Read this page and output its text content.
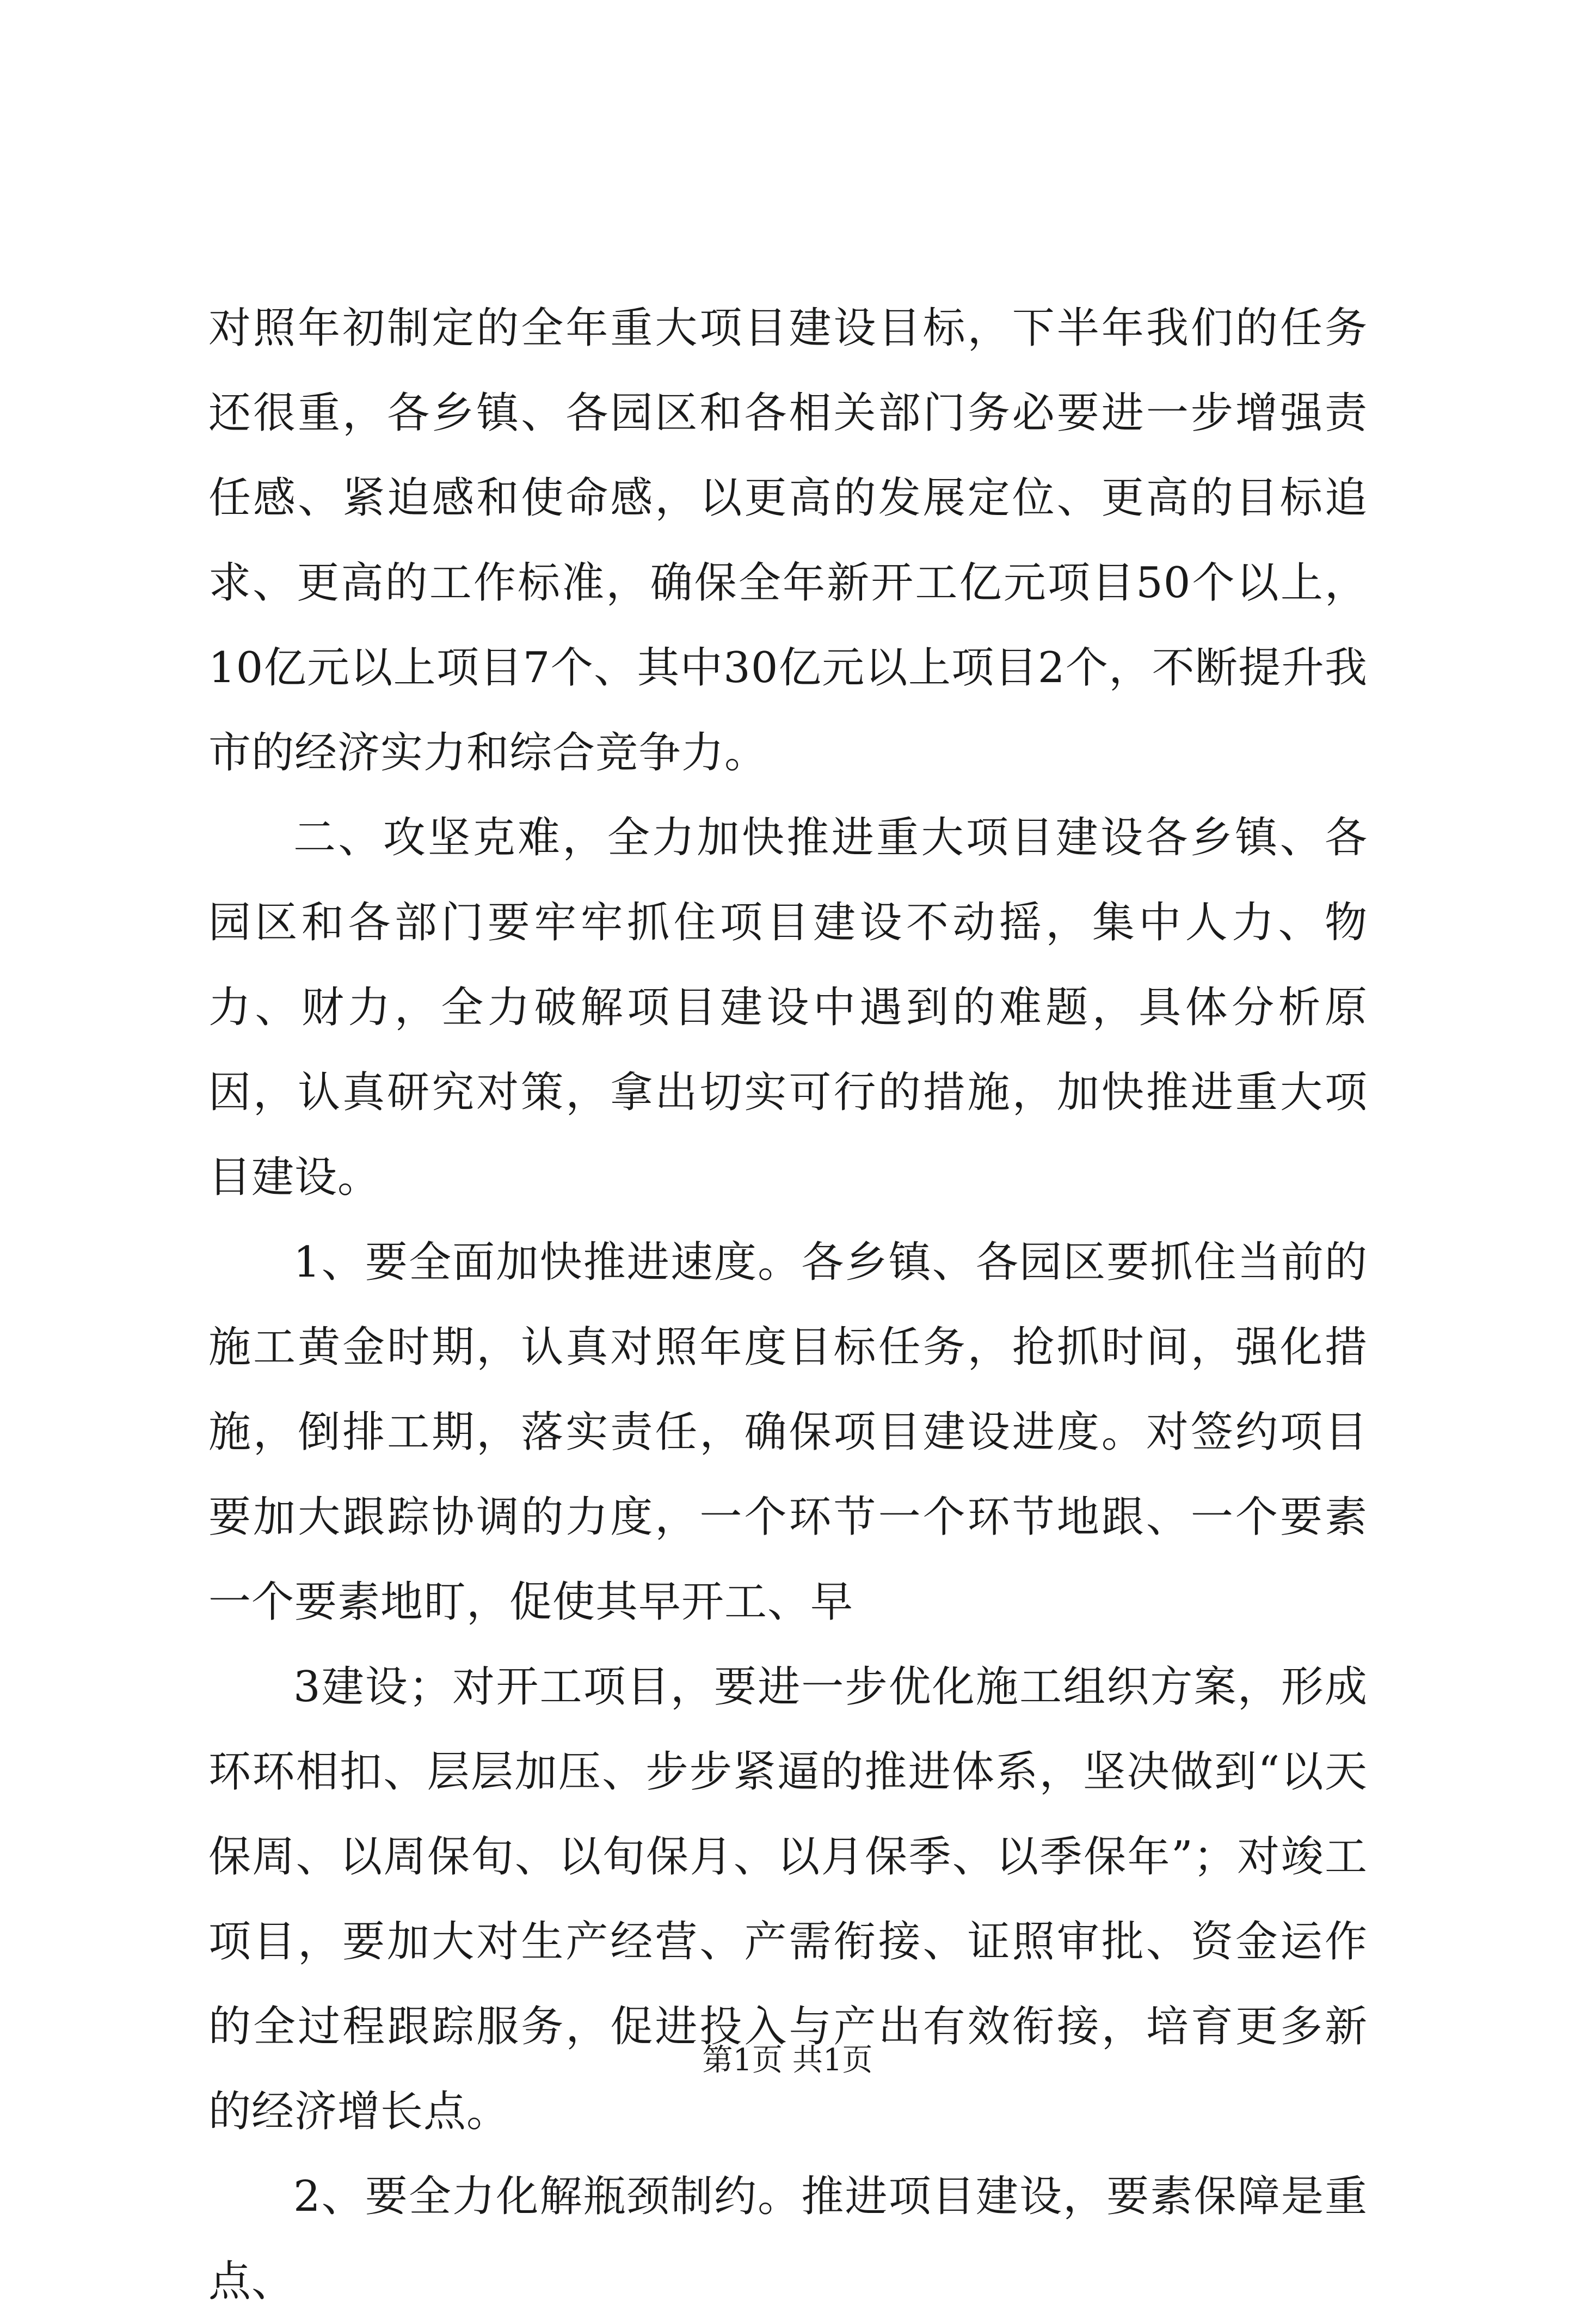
对照年初制定的全年重大项目建设目标，下半年我们的任务还很重，各乡镇、各园区和各相关部门务必要进一步增强责任感、紧迫感和使命感，以更高的发展定位、更高的目标追求、更高的工作标准，确保全年新开工亿元项目50个以上，10亿元以上项目7个、其中30亿元以上项目2个，不断提升我市的经济实力和综合竞争力。

二、攻坚克难，全力加快推进重大项目建设各乡镇、各园区和各部门要牢牢抓住项目建设不动摇，集中人力、物力、财力，全力破解项目建设中遇到的难题，具体分析原因，认真研究对策，拿出切实可行的措施，加快推进重大项目建设。

1、要全面加快推进速度。各乡镇、各园区要抓住当前的施工黄金时期，认真对照年度目标任务，抢抓时间，强化措施，倒排工期，落实责任，确保项目建设进度。对签约项目要加大跟踪协调的力度，一个环节一个环节地跟、一个要素一个要素地盯，促使其早开工、早

3建设；对开工项目，要进一步优化施工组织方案，形成环环相扣、层层加压、步步紧逼的推进体系，坚决做到“以天保周、以周保旬、以旬保月、以月保季、以季保年”；对竣工项目，要加大对生产经营、产需衔接、证照审批、资金运作的全过程跟踪服务，促进投入与产出有效衔接，培育更多新的经济增长点。

2、要全力化解瓶颈制约。推进项目建设，要素保障是重点、

第1页 共1页
